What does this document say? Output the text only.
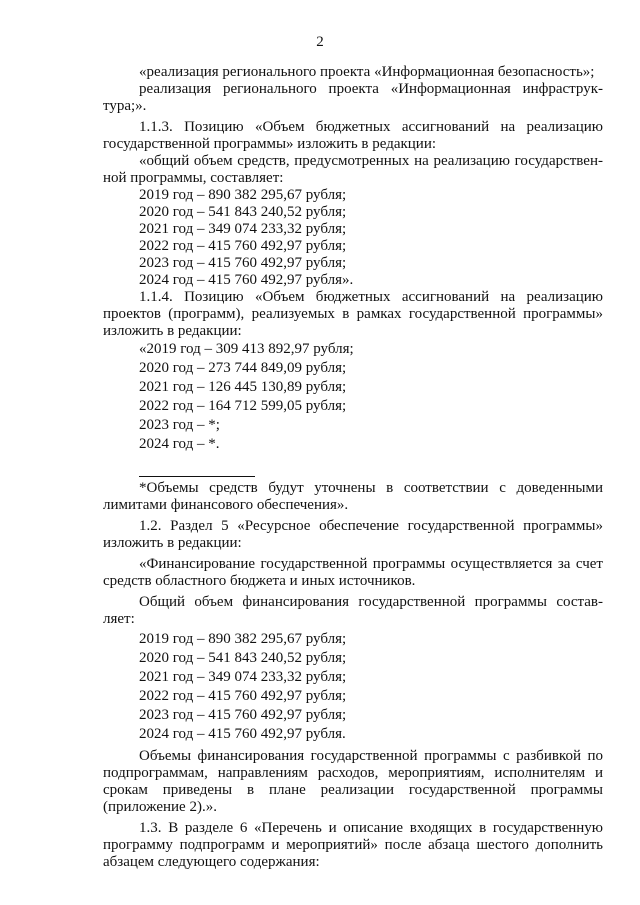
2

«реализация регионального проекта «Информационная безопасность»;

реализация регионального проекта «Информационная инфраструк-тура;».

1.1.3. Позицию «Объем бюджетных ассигнований на реализацию государственной программы» изложить в редакции:

«общий объем средств, предусмотренных на реализацию государствен-ной программы, составляет:

2019 год – 890 382 295,67 рубля;

2020 год – 541 843 240,52 рубля;

2021 год – 349 074 233,32 рубля;

2022 год – 415 760 492,97 рубля;

2023 год – 415 760 492,97 рубля;

2024 год – 415 760 492,97 рубля».

1.1.4. Позицию «Объем бюджетных ассигнований на реализацию проектов (программ), реализуемых в рамках государственной программы» изложить в редакции:

«2019 год – 309 413 892,97 рубля;

2020 год – 273 744 849,09 рубля;

2021 год – 126 445 130,89 рубля;

2022 год – 164 712 599,05 рубля;

2023 год – *;

2024 год – *.

*Объемы средств будут уточнены в соответствии с доведенными лимитами финансового обеспечения».

1.2. Раздел 5 «Ресурсное обеспечение государственной программы» изложить в редакции:

«Финансирование государственной программы осуществляется за счет средств областного бюджета и иных источников.

Общий объем финансирования государственной программы состав-ляет:

2019 год – 890 382 295,67 рубля;

2020 год – 541 843 240,52 рубля;

2021 год – 349 074 233,32 рубля;

2022 год – 415 760 492,97 рубля;

2023 год – 415 760 492,97 рубля;

2024 год – 415 760 492,97 рубля.

Объемы финансирования государственной программы с разбивкой по подпрограммам, направлениям расходов, мероприятиям, исполнителям и срокам приведены в плане реализации государственной программы (приложение 2).».

1.3. В разделе 6 «Перечень и описание входящих в государственную программу подпрограмм и мероприятий» после абзаца шестого дополнить абзацем следующего содержания:
